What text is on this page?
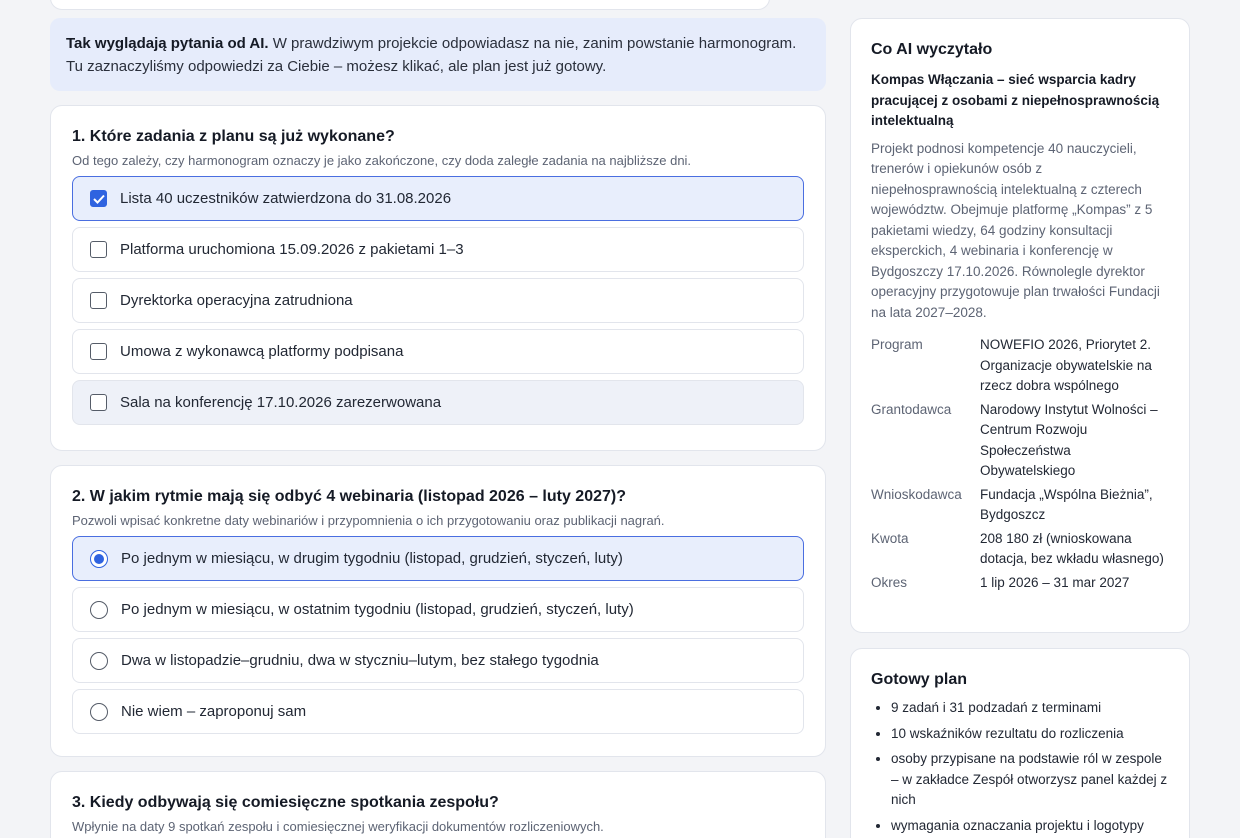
Tak wyglądają pytania od AI. W prawdziwym projekcie odpowiadasz na nie, zanim powstanie harmonogram. Tu zaznaczyliśmy odpowiedzi za Ciebie – możesz klikać, ale plan jest już gotowy.
1. Które zadania z planu są już wykonane?
Od tego zależy, czy harmonogram oznaczy je jako zakończone, czy doda zaległe zadania na najbliższe dni.
Lista 40 uczestników zatwierdzona do 31.08.2026
Platforma uruchomiona 15.09.2026 z pakietami 1–3
Dyrektorka operacyjna zatrudniona
Umowa z wykonawcą platformy podpisana
Sala na konferencję 17.10.2026 zarezerwowana
2. W jakim rytmie mają się odbyć 4 webinaria (listopad 2026 – luty 2027)?
Pozwoli wpisać konkretne daty webinariów i przypomnienia o ich przygotowaniu oraz publikacji nagrań.
Po jednym w miesiącu, w drugim tygodniu (listopad, grudzień, styczeń, luty)
Po jednym w miesiącu, w ostatnim tygodniu (listopad, grudzień, styczeń, luty)
Dwa w listopadzie–grudniu, dwa w styczniu–lutym, bez stałego tygodnia
Nie wiem – zaproponuj sam
3. Kiedy odbywają się comiesięczne spotkania zespołu?
Wpłynie na daty 9 spotkań zespołu i comiesięcznej weryfikacji dokumentów rozliczeniowych.
Co AI wyczytało
Kompas Włączania – sieć wsparcia kadry pracującej z osobami z niepełnosprawnością intelektualną
Projekt podnosi kompetencje 40 nauczycieli, trenerów i opiekunów osób z niepełnosprawnością intelektualną z czterech województw. Obejmuje platformę „Kompas” z 5 pakietami wiedzy, 64 godziny konsultacji eksperckich, 4 webinaria i konferencję w Bydgoszczy 17.10.2026. Równolegle dyrektor operacyjny przygotowuje plan trwałości Fundacji na lata 2027–2028.
Program	NOWEFIO 2026, Priorytet 2. Organizacje obywatelskie na rzecz dobra wspólnego
Grantodawca	Narodowy Instytut Wolności – Centrum Rozwoju Społeczeństwa Obywatelskiego
Wnioskodawca	Fundacja „Wspólna Bieżnia”, Bydgoszcz
Kwota	208 180 zł (wnioskowana dotacja, bez wkładu własnego)
Okres	1 lip 2026 – 31 mar 2027
Gotowy plan
• 9 zadań i 31 podzadań z terminami
• 10 wskaźników rezultatu do rozliczenia
• osoby przypisane na podstawie ról w zespole – w zakładce Zespół otworzysz panel każdej z nich
• wymagania oznaczania projektu i logotypy
